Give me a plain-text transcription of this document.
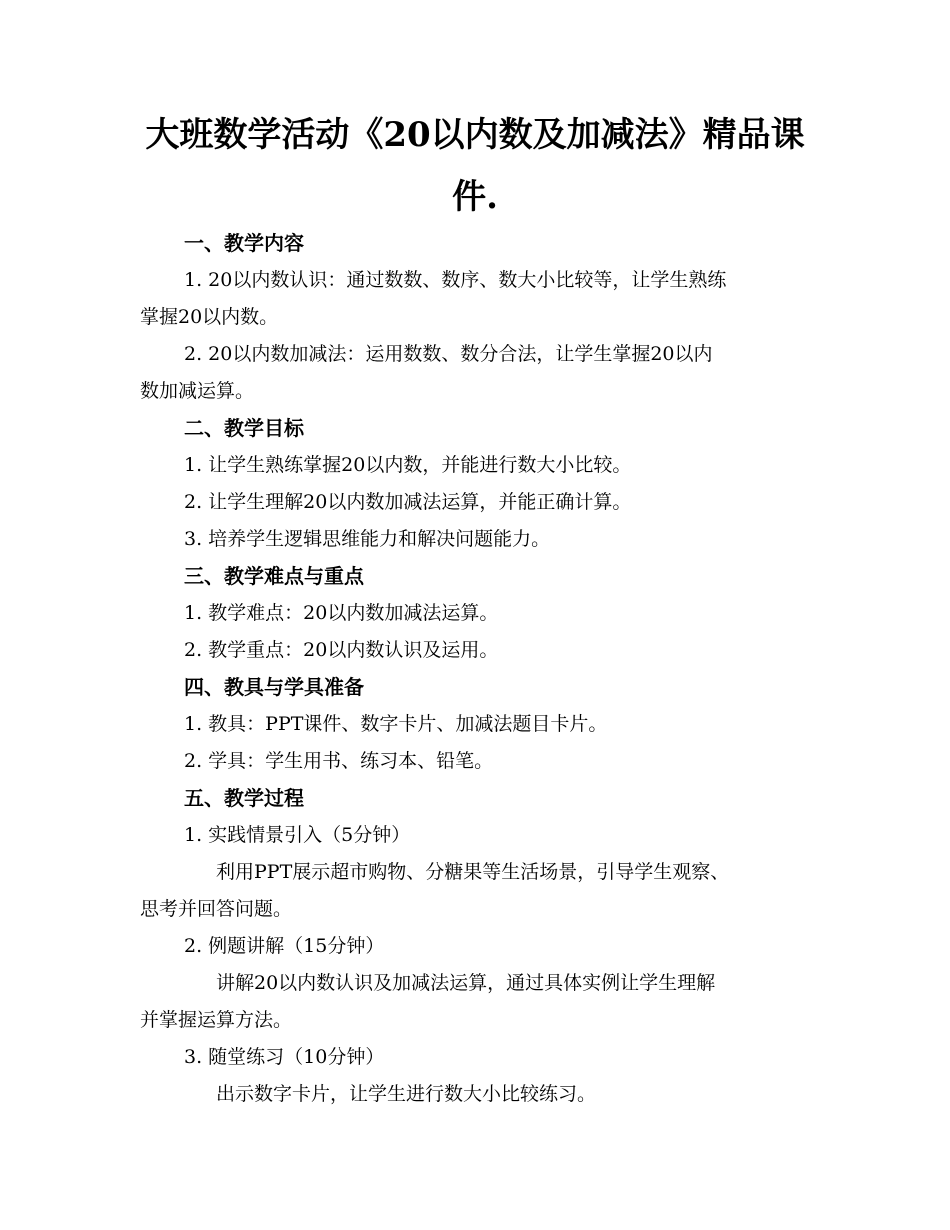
大班数学活动《20以内数及加减法》精品课件.

一、教学内容

1. 20以内数认识：通过数数、数序、数大小比较等，让学生熟练

掌握20以内数。

2. 20以内数加减法：运用数数、数分合法，让学生掌握20以内

数加减运算。

二、教学目标

1. 让学生熟练掌握20以内数，并能进行数大小比较。

2. 让学生理解20以内数加减法运算，并能正确计算。

3. 培养学生逻辑思维能力和解决问题能力。

三、教学难点与重点

1. 教学难点：20以内数加减法运算。

2. 教学重点：20以内数认识及运用。

四、教具与学具准备

1. 教具：PPT课件、数字卡片、加减法题目卡片。

2. 学具：学生用书、练习本、铅笔。

五、教学过程

1. 实践情景引入（5分钟）

利用PPT展示超市购物、分糖果等生活场景，引导学生观察、

思考并回答问题。

2. 例题讲解（15分钟）

讲解20以内数认识及加减法运算，通过具体实例让学生理解

并掌握运算方法。

3. 随堂练习（10分钟）

出示数字卡片，让学生进行数大小比较练习。
